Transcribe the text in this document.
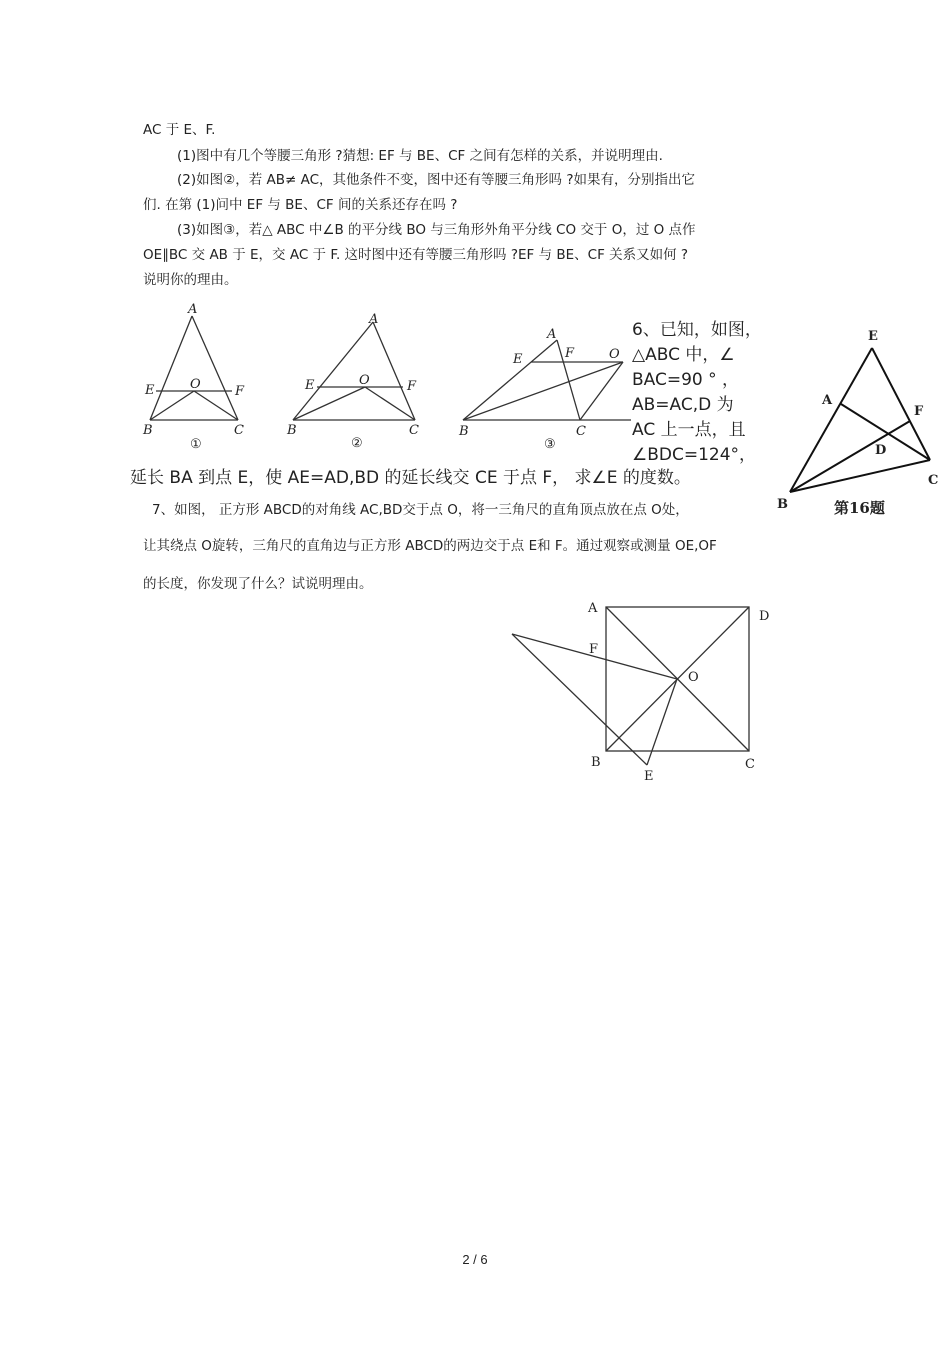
AC 于 E、F.
(1)图中有几个等腰三角形 ?猜想: EF 与 BE、CF 之间有怎样的关系，并说明理由.
(2)如图②，若 AB≠ AC，其他条件不变，图中还有等腰三角形吗 ?如果有，分别指出它
们. 在第 (1)问中 EF 与 BE、CF 间的关系还存在吗 ?
(3)如图③，若△ ABC 中∠B 的平分线 BO 与三角形外角平分线 CO 交于 O，过 O 点作
OE∥BC 交 AB 于 E，交 AC 于 F. 这时图中还有等腰三角形吗 ?EF 与 BE、CF 关系又如何 ?
说明你的理由。
A
E	O	F
B	C
①
A
E	O	F
B	C
②
A
E	F	O
B	C
③
6、已知，如图，
△ABC 中，∠
BAC=90 ° ，
AB=AC,D 为
AC 上一点，且
∠BDC=124°，
延长 BA 到点 E，使 AE=AD,BD 的延长线交 CE 于点 F， 求∠E 的度数。
E
A
F
D
C
B	第16题
7、如图， 正方形 ABCD的对角线 AC,BD交于点 O，将一三角尺的直角顶点放在点 O处，
让其绕点 O旋转，三角尺的直角边与正方形 ABCD的两边交于点 E和 F。通过观察或测量 OE,OF
的长度，你发现了什么？试说明理由。
A
D
F
O
B	C
E
2 / 6
